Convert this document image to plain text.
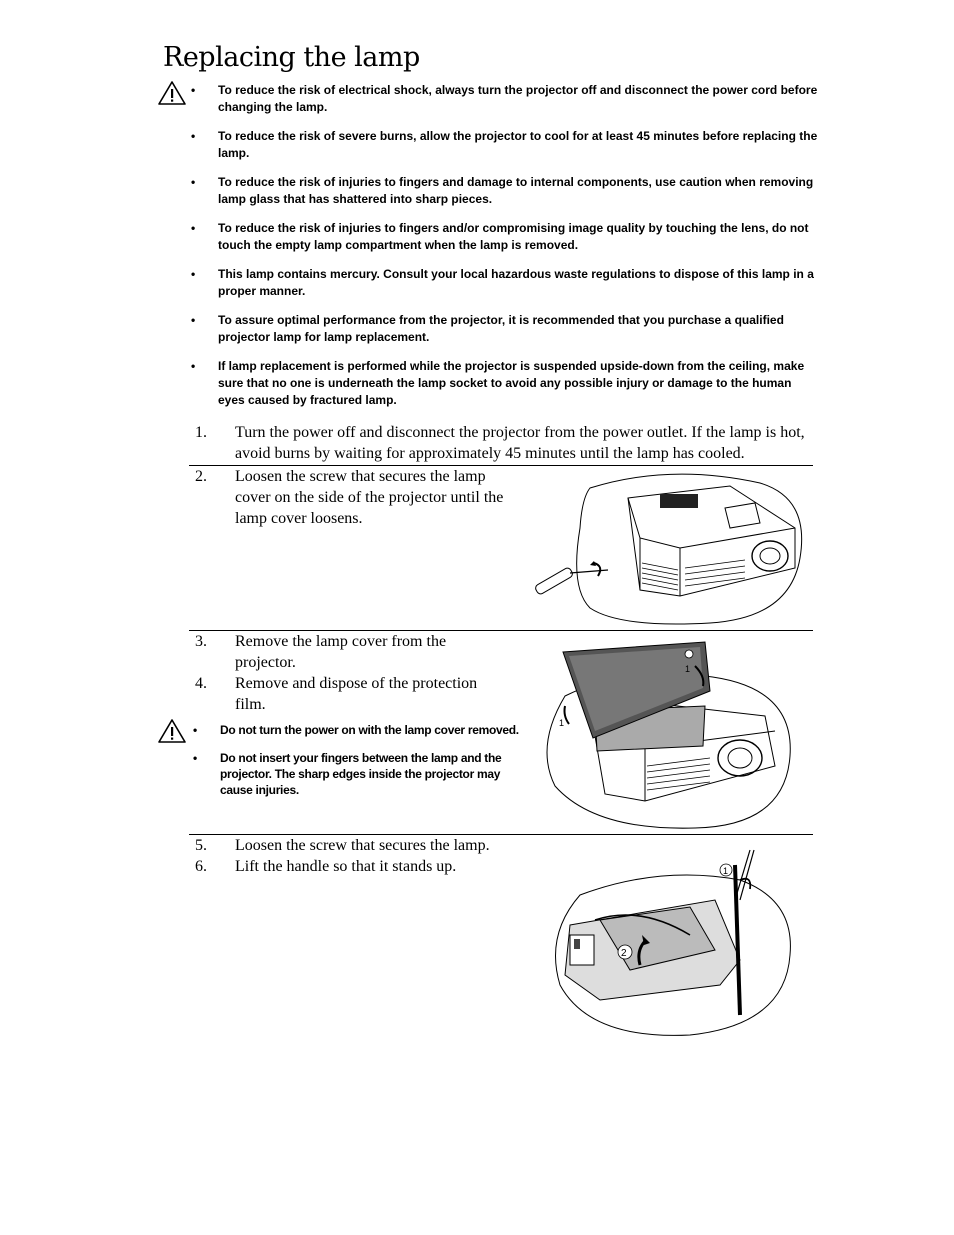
Replacing the lamp
• To reduce the risk of electrical shock, always turn the projector off and disconnect the power cord before changing the lamp.
• To reduce the risk of severe burns, allow the projector to cool for at least 45 minutes before replacing the lamp.
• To reduce the risk of injuries to fingers and damage to internal components, use caution when removing lamp glass that has shattered into sharp pieces.
• To reduce the risk of injuries to fingers and/or compromising image quality by touching the lens, do not touch the empty lamp compartment when the lamp is removed.
• This lamp contains mercury. Consult your local hazardous waste regulations to dispose of this lamp in a proper manner.
• To assure optimal performance from the projector, it is recommended that you purchase a qualified projector lamp for lamp replacement.
• If lamp replacement is performed while the projector is suspended upside-down from the ceiling, make sure that no one is underneath the lamp socket to avoid any possible injury or damage to the human eyes caused by fractured lamp.
1.	Turn the power off and disconnect the projector from the power outlet. If the lamp is hot, avoid burns by waiting for approximately 45 minutes until the lamp has cooled.
2.	Loosen the screw that secures the lamp cover on the side of the projector until the lamp cover loosens.
3.	Remove the lamp cover from the projector.
4.	Remove and dispose of the protection film.
• Do not turn the power on with the lamp cover removed.
• Do not insert your fingers between the lamp and the projector. The sharp edges inside the projector may cause injuries.
1
1
5.	Loosen the screw that secures the lamp.
6.	Lift the handle so that it stands up.	1
2
